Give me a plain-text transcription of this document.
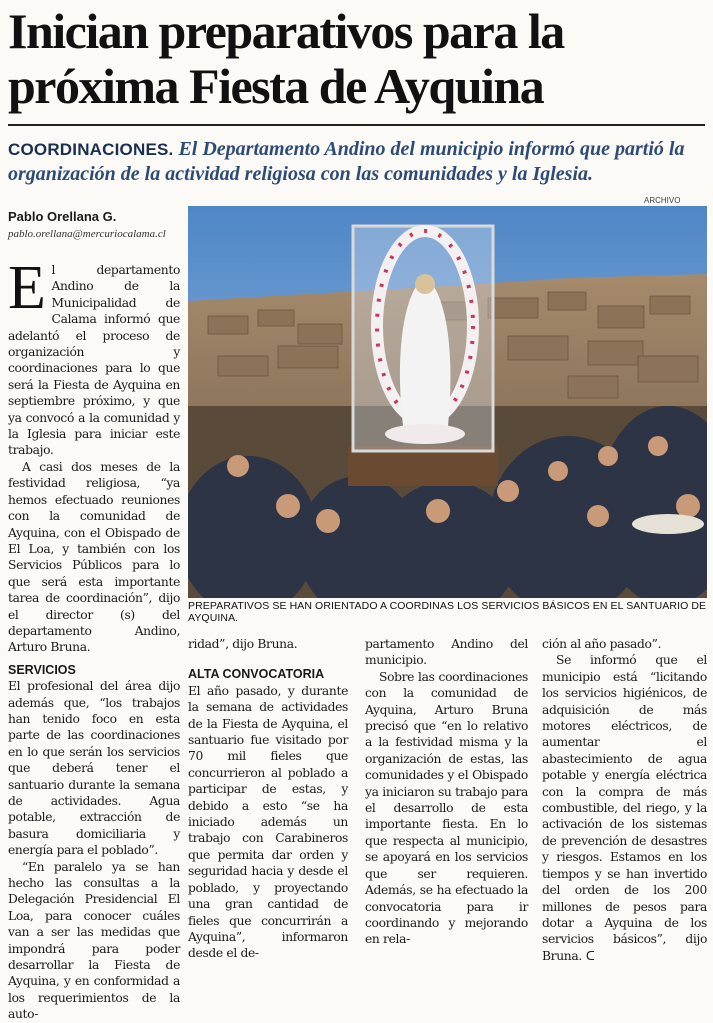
Inician preparativos para la
próxima Fiesta de Ayquina
COORDINACIONES. El Departamento Andino del municipio informó que partió la organización de la actividad religiosa con las comunidades y la Iglesia.
Pablo Orellana G.
pablo.orellana@mercuriocalama.cl

El departamento Andino de la Municipalidad de Calama informó que adelantó el proceso de organización y coordinaciones para lo que será la Fiesta de Ayquina en septiembre próximo, y que ya convocó a la comunidad y la Iglesia para iniciar este trabajo.

A casi dos meses de la festividad religiosa, “ya hemos efectuado reuniones con la comunidad de Ayquina, con el Obispado de El Loa, y también con los Servicios Públicos para lo que será esta importante tarea de coordinación”, dijo el director (s) del departamento Andino, Arturo Bruna.

SERVICIOS

El profesional del área dijo además que, “los trabajos han tenido foco en esta parte de las coordinaciones en lo que serán los servicios que deberá tener el santuario durante la semana de actividades. Agua potable, extracción de basura domiciliaria y energía para el poblado”.

“En paralelo ya se han hecho las consultas a la Delegación Presidencial El Loa, para conocer cuáles van a ser las medidas que impondrá para poder desarrollar la Fiesta de Ayquina, y en conformidad a los requerimientos de la auto-

ARCHIVO
PREPARATIVOS SE HAN ORIENTADO A COORDINAS LOS SERVICIOS BÁSICOS EN EL SANTUARIO DE AYQUINA.

ridad”, dijo Bruna.

ALTA CONVOCATORIA

El año pasado, y durante la semana de actividades de la Fiesta de Ayquina, el santuario fue visitado por 70 mil fieles que concurrieron al poblado a participar de estas, y debido a esto “se ha iniciado además un trabajo con Carabineros que permita dar orden y seguridad hacia y desde el poblado, y proyectando una gran cantidad de fieles que concurrirán a Ayquina”, informaron desde el de-

partamento Andino del municipio.

Sobre las coordinaciones con la comunidad de Ayquina, Arturo Bruna precisó que “en lo relativo a la festividad misma y la organización de estas, las comunidades y el Obispado ya iniciaron su trabajo para el desarrollo de esta importante fiesta. En lo que respecta al municipio, se apoyará en los servicios que ser requieren. Además, se ha efectuado la convocatoria para ir coordinando y mejorando en rela-

ción al año pasado”.

Se informó que el municipio está “licitando los servicios higiénicos, de adquisición de más motores eléctricos, de aumentar el abastecimiento de agua potable y energía eléctrica con la compra de más combustible, del riego, y la activación de los sistemas de prevención de desastres y riesgos. Estamos en los tiempos y se han invertido del orden de los 200 millones de pesos para dotar a Ayquina de los servicios básicos”, dijo Bruna. ᑕ
